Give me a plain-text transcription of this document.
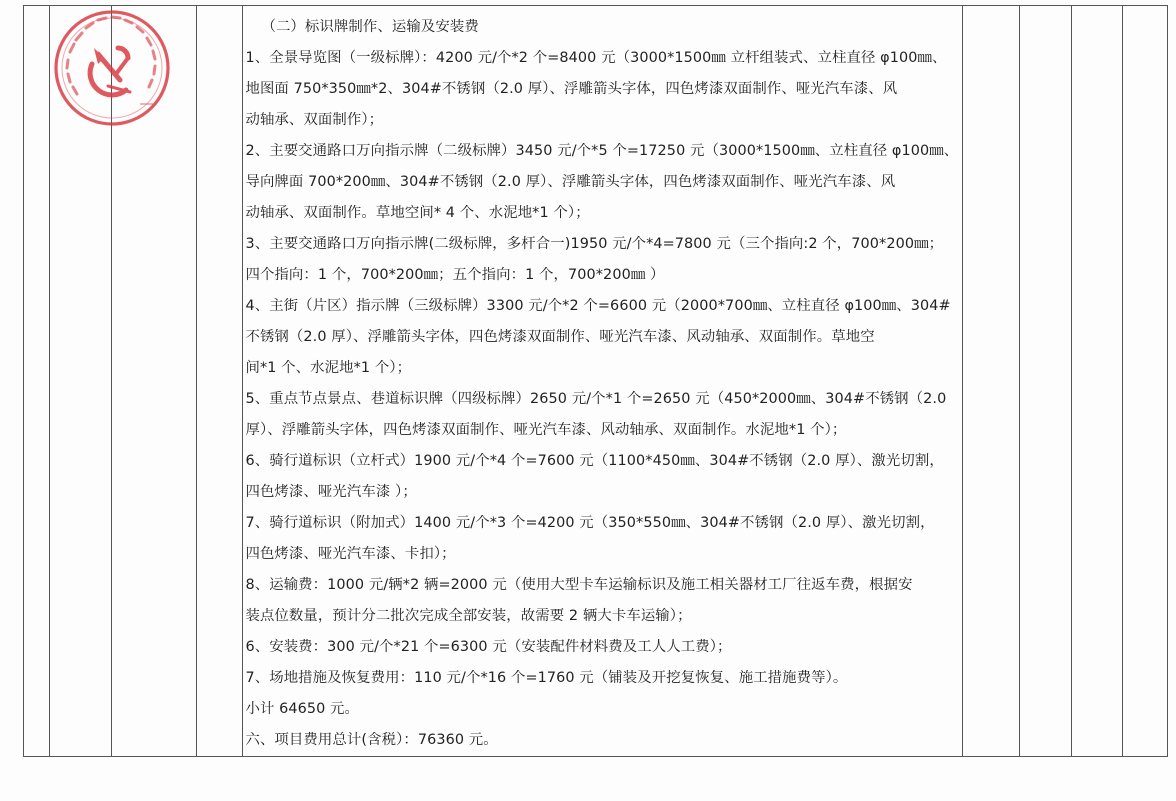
（二）标识牌制作、运输及安装费
1、全景导览图（一级标牌）：4200 元/个*2 个=8400 元（3000*1500㎜ 立杆组装式、立柱直径 φ100㎜、
地图面 750*350㎜*2、304#不锈钢（2.0 厚）、浮雕箭头字体，四色烤漆双面制作、哑光汽车漆、风
动轴承、双面制作）；
2、主要交通路口万向指示牌（二级标牌）3450 元/个*5 个=17250 元（3000*1500㎜、立柱直径 φ100㎜、
导向牌面 700*200㎜、304#不锈钢（2.0 厚）、浮雕箭头字体，四色烤漆双面制作、哑光汽车漆、风
动轴承、双面制作。草地空间* 4 个、水泥地*1 个）；
3、主要交通路口万向指示牌(二级标牌，多杆合一)1950 元/个*4=7800 元（三个指向:2 个，700*200㎜；
四个指向：1 个，700*200㎜；五个指向：1 个，700*200㎜ ）
4、主街（片区）指示牌（三级标牌）3300 元/个*2 个=6600 元（2000*700㎜、立柱直径 φ100㎜、304#
不锈钢（2.0 厚）、浮雕箭头字体，四色烤漆双面制作、哑光汽车漆、风动轴承、双面制作。草地空
间*1 个、水泥地*1 个）；
5、重点节点景点、巷道标识牌（四级标牌）2650 元/个*1 个=2650 元（450*2000㎜、304#不锈钢（2.0
厚）、浮雕箭头字体，四色烤漆双面制作、哑光汽车漆、风动轴承、双面制作。水泥地*1 个）；
6、骑行道标识（立杆式）1900 元/个*4 个=7600 元（1100*450㎜、304#不锈钢（2.0 厚）、激光切割，
四色烤漆、哑光汽车漆 ）；
7、骑行道标识（附加式）1400 元/个*3 个=4200 元（350*550㎜、304#不锈钢（2.0 厚）、激光切割，
四色烤漆、哑光汽车漆、卡扣）；
8、运输费：1000 元/辆*2 辆=2000 元（使用大型卡车运输标识及施工相关器材工厂往返车费，根据安
装点位数量，预计分二批次完成全部安装，故需要 2 辆大卡车运输）；
6、安装费：300 元/个*21 个=6300 元（安装配件材料费及工人人工费）；
7、场地措施及恢复费用：110 元/个*16 个=1760 元（铺装及开挖复恢复、施工措施费等）。
小计 64650 元。
六、项目费用总计(含税）：76360 元。
